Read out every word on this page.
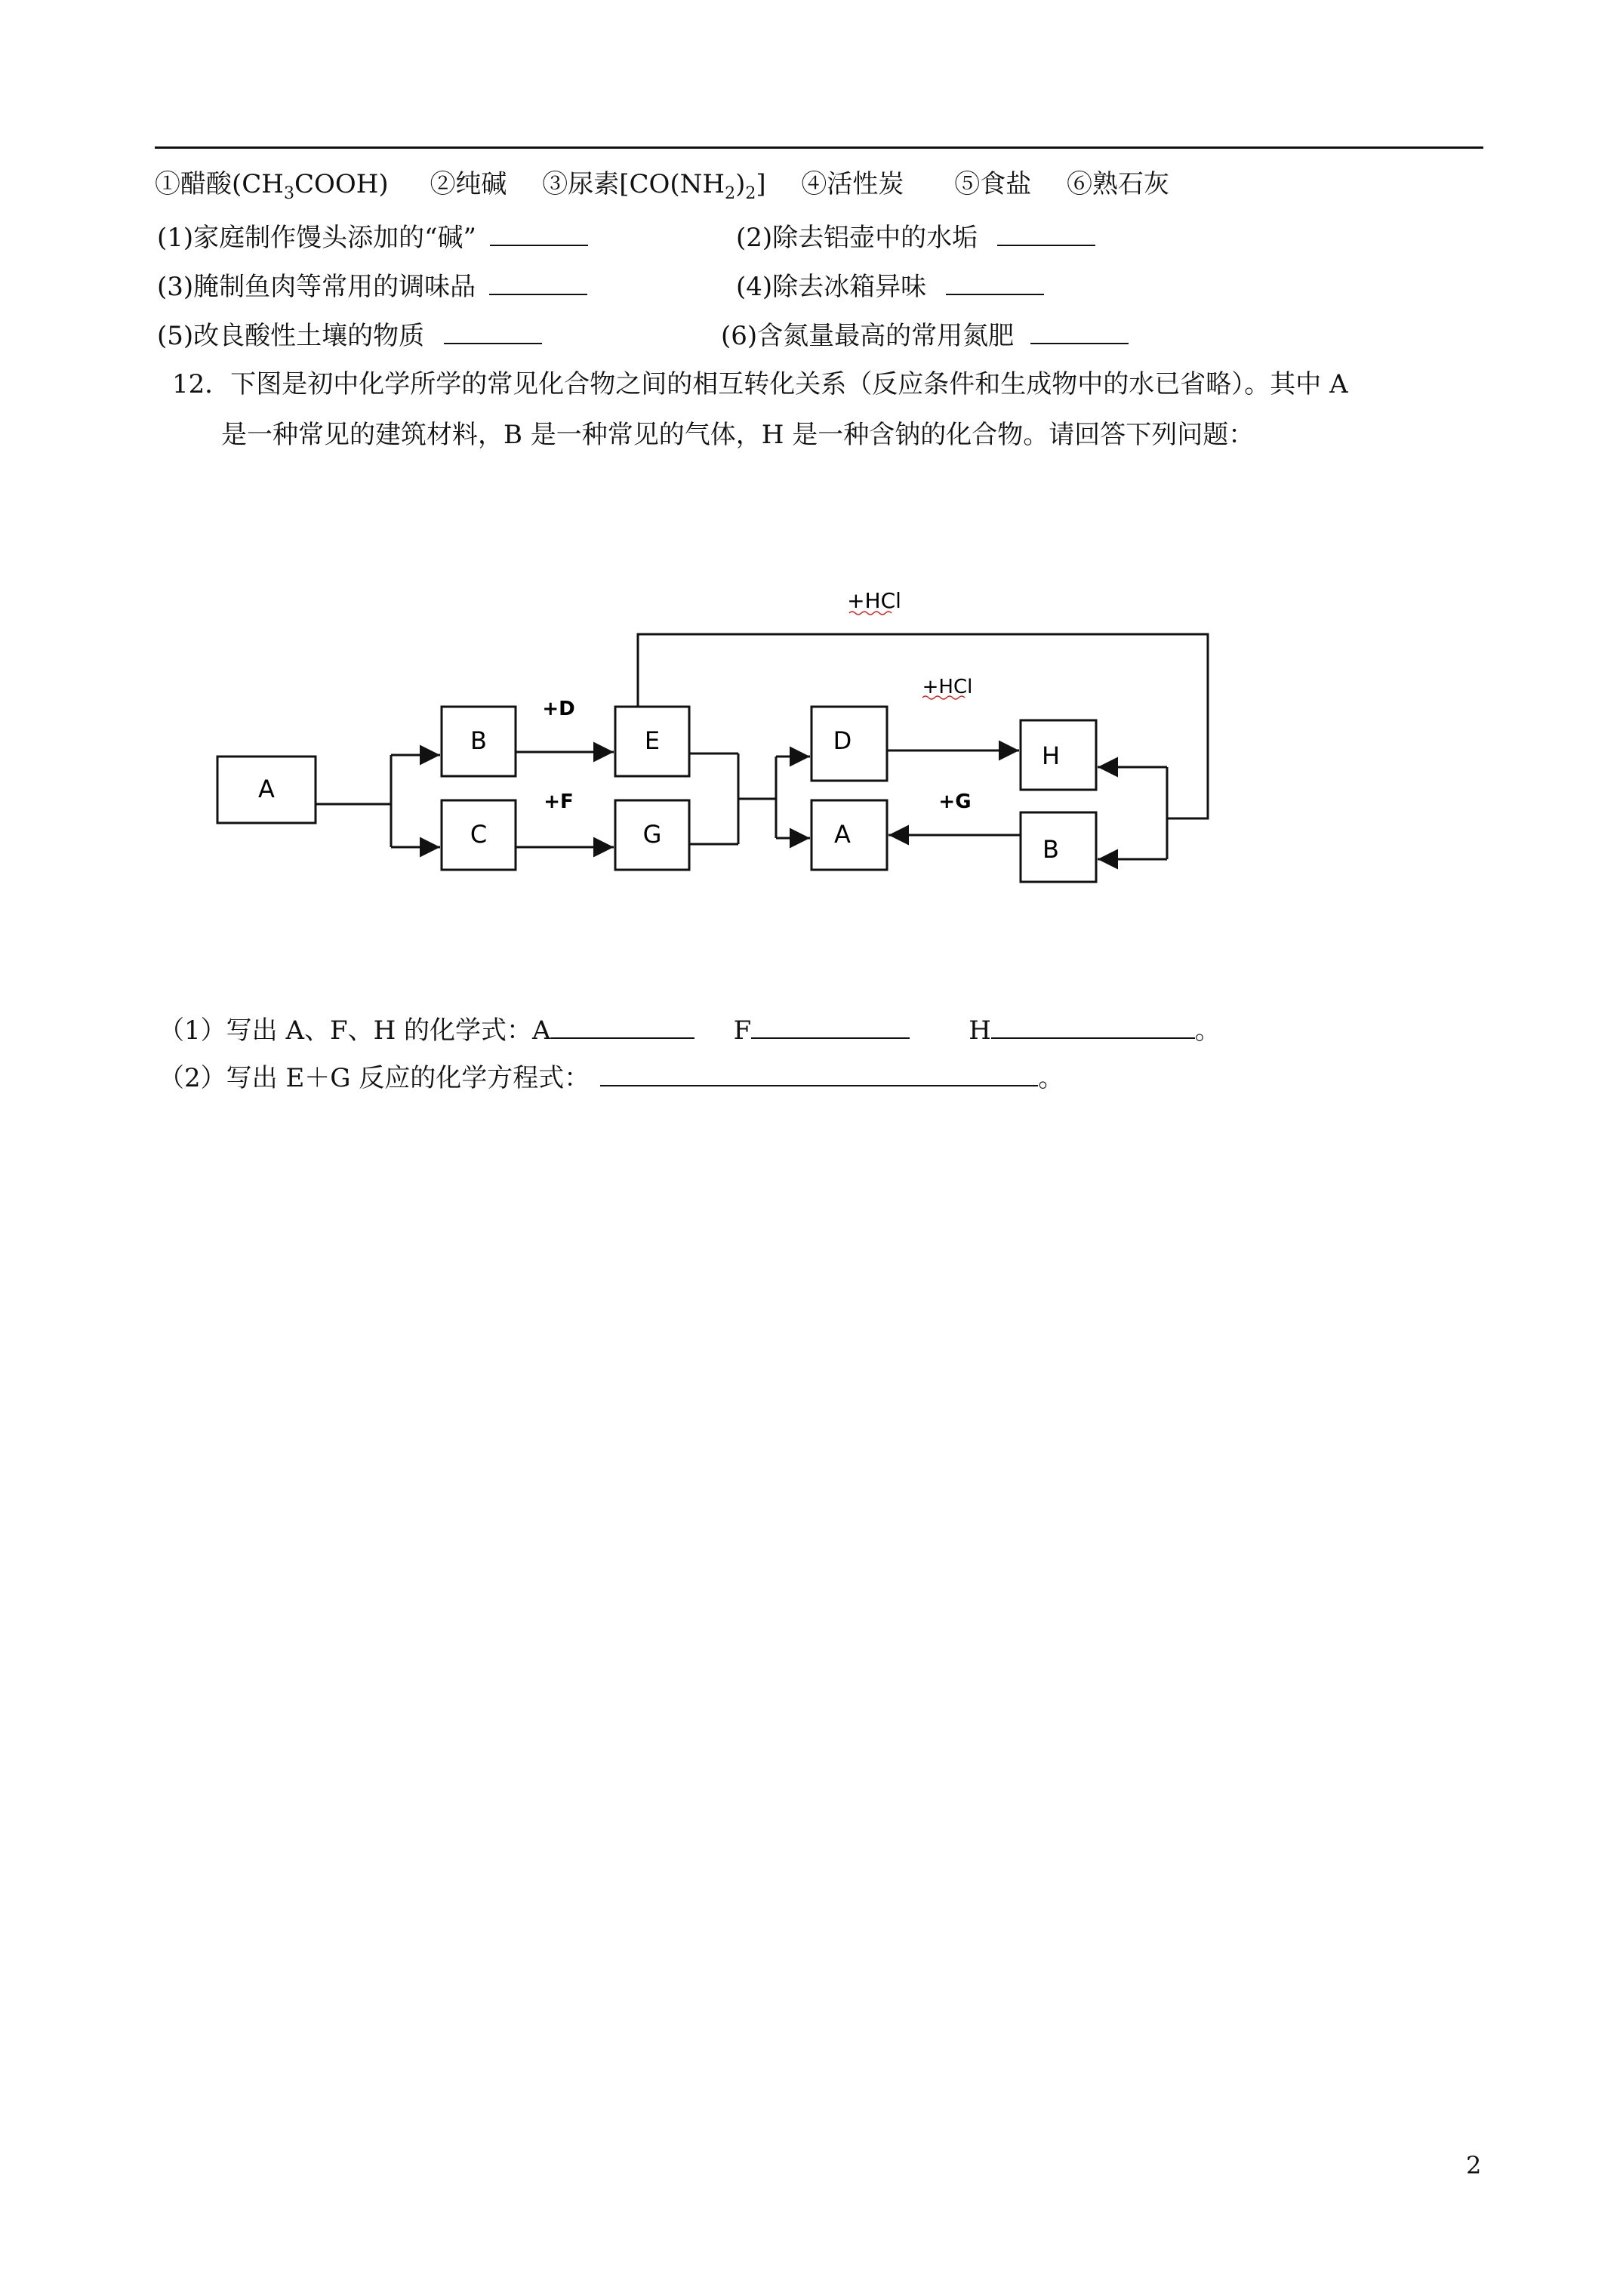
①醋酸$(CH_3COOH)$ ②纯碱 ③尿素$[CO(NH_2)_2]$ ④活性炭 ⑤食盐 ⑥熟石灰
(1)家庭制作馒头添加的“碱”	(2)除去铝壶中的水垢
(3)腌制鱼肉等常用的调味品	(4)除去冰箱异味
(5)改良酸性土壤的物质	(6)含氮量最高的常用氮肥
12．下图是初中化学所学的常见化合物之间的相互转化关系（反应条件和生成物中的水已省略）。其中 A
是一种常见的建筑材料，B 是一种常见的气体，H 是一种含钠的化合物。请回答下列问题：
A
B
C
E
G
D
A
H
B
+D
+F
+HCl
+G
+HCl
（1）写出 A、F、H 的化学式：A	F	H	。
（2）写出 E＋G 反应的化学方程式：	。
2
